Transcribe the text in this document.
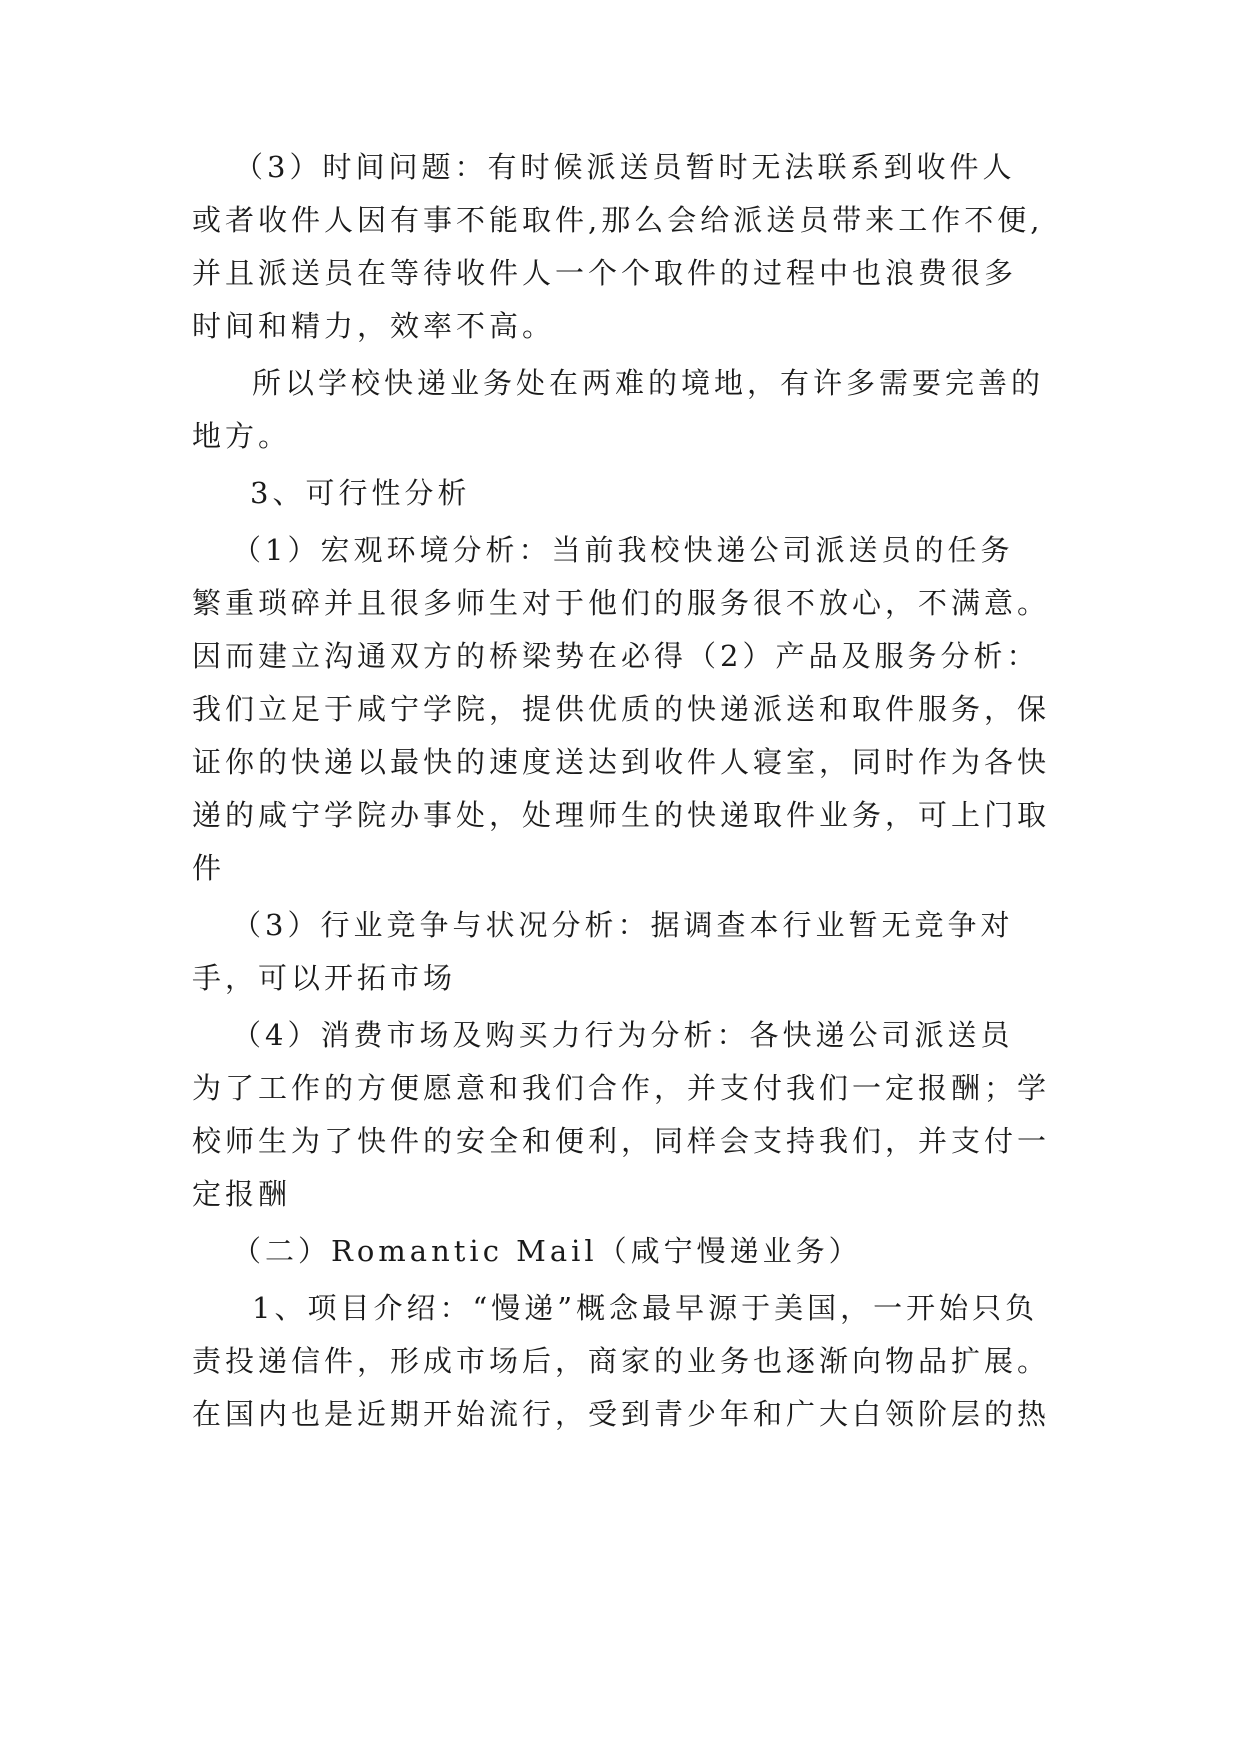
（3）时间问题：有时候派送员暂时无法联系到收件人
或者收件人因有事不能取件,那么会给派送员带来工作不便,
并且派送员在等待收件人一个个取件的过程中也浪费很多
时间和精力，效率不高。
所以学校快递业务处在两难的境地，有许多需要完善的
地方。
3、可行性分析
（1）宏观环境分析：当前我校快递公司派送员的任务
繁重琐碎并且很多师生对于他们的服务很不放心，不满意。
因而建立沟通双方的桥梁势在必得（2）产品及服务分析：
我们立足于咸宁学院，提供优质的快递派送和取件服务，保
证你的快递以最快的速度送达到收件人寝室，同时作为各快
递的咸宁学院办事处，处理师生的快递取件业务，可上门取
件
（3）行业竞争与状况分析：据调查本行业暂无竞争对
手，可以开拓市场
（4）消费市场及购买力行为分析：各快递公司派送员
为了工作的方便愿意和我们合作，并支付我们一定报酬；学
校师生为了快件的安全和便利，同样会支持我们，并支付一
定报酬
（二）Romantic Mail（咸宁慢递业务）
1、项目介绍：“慢递”概念最早源于美国，一开始只负
责投递信件，形成市场后，商家的业务也逐渐向物品扩展。
在国内也是近期开始流行，受到青少年和广大白领阶层的热
